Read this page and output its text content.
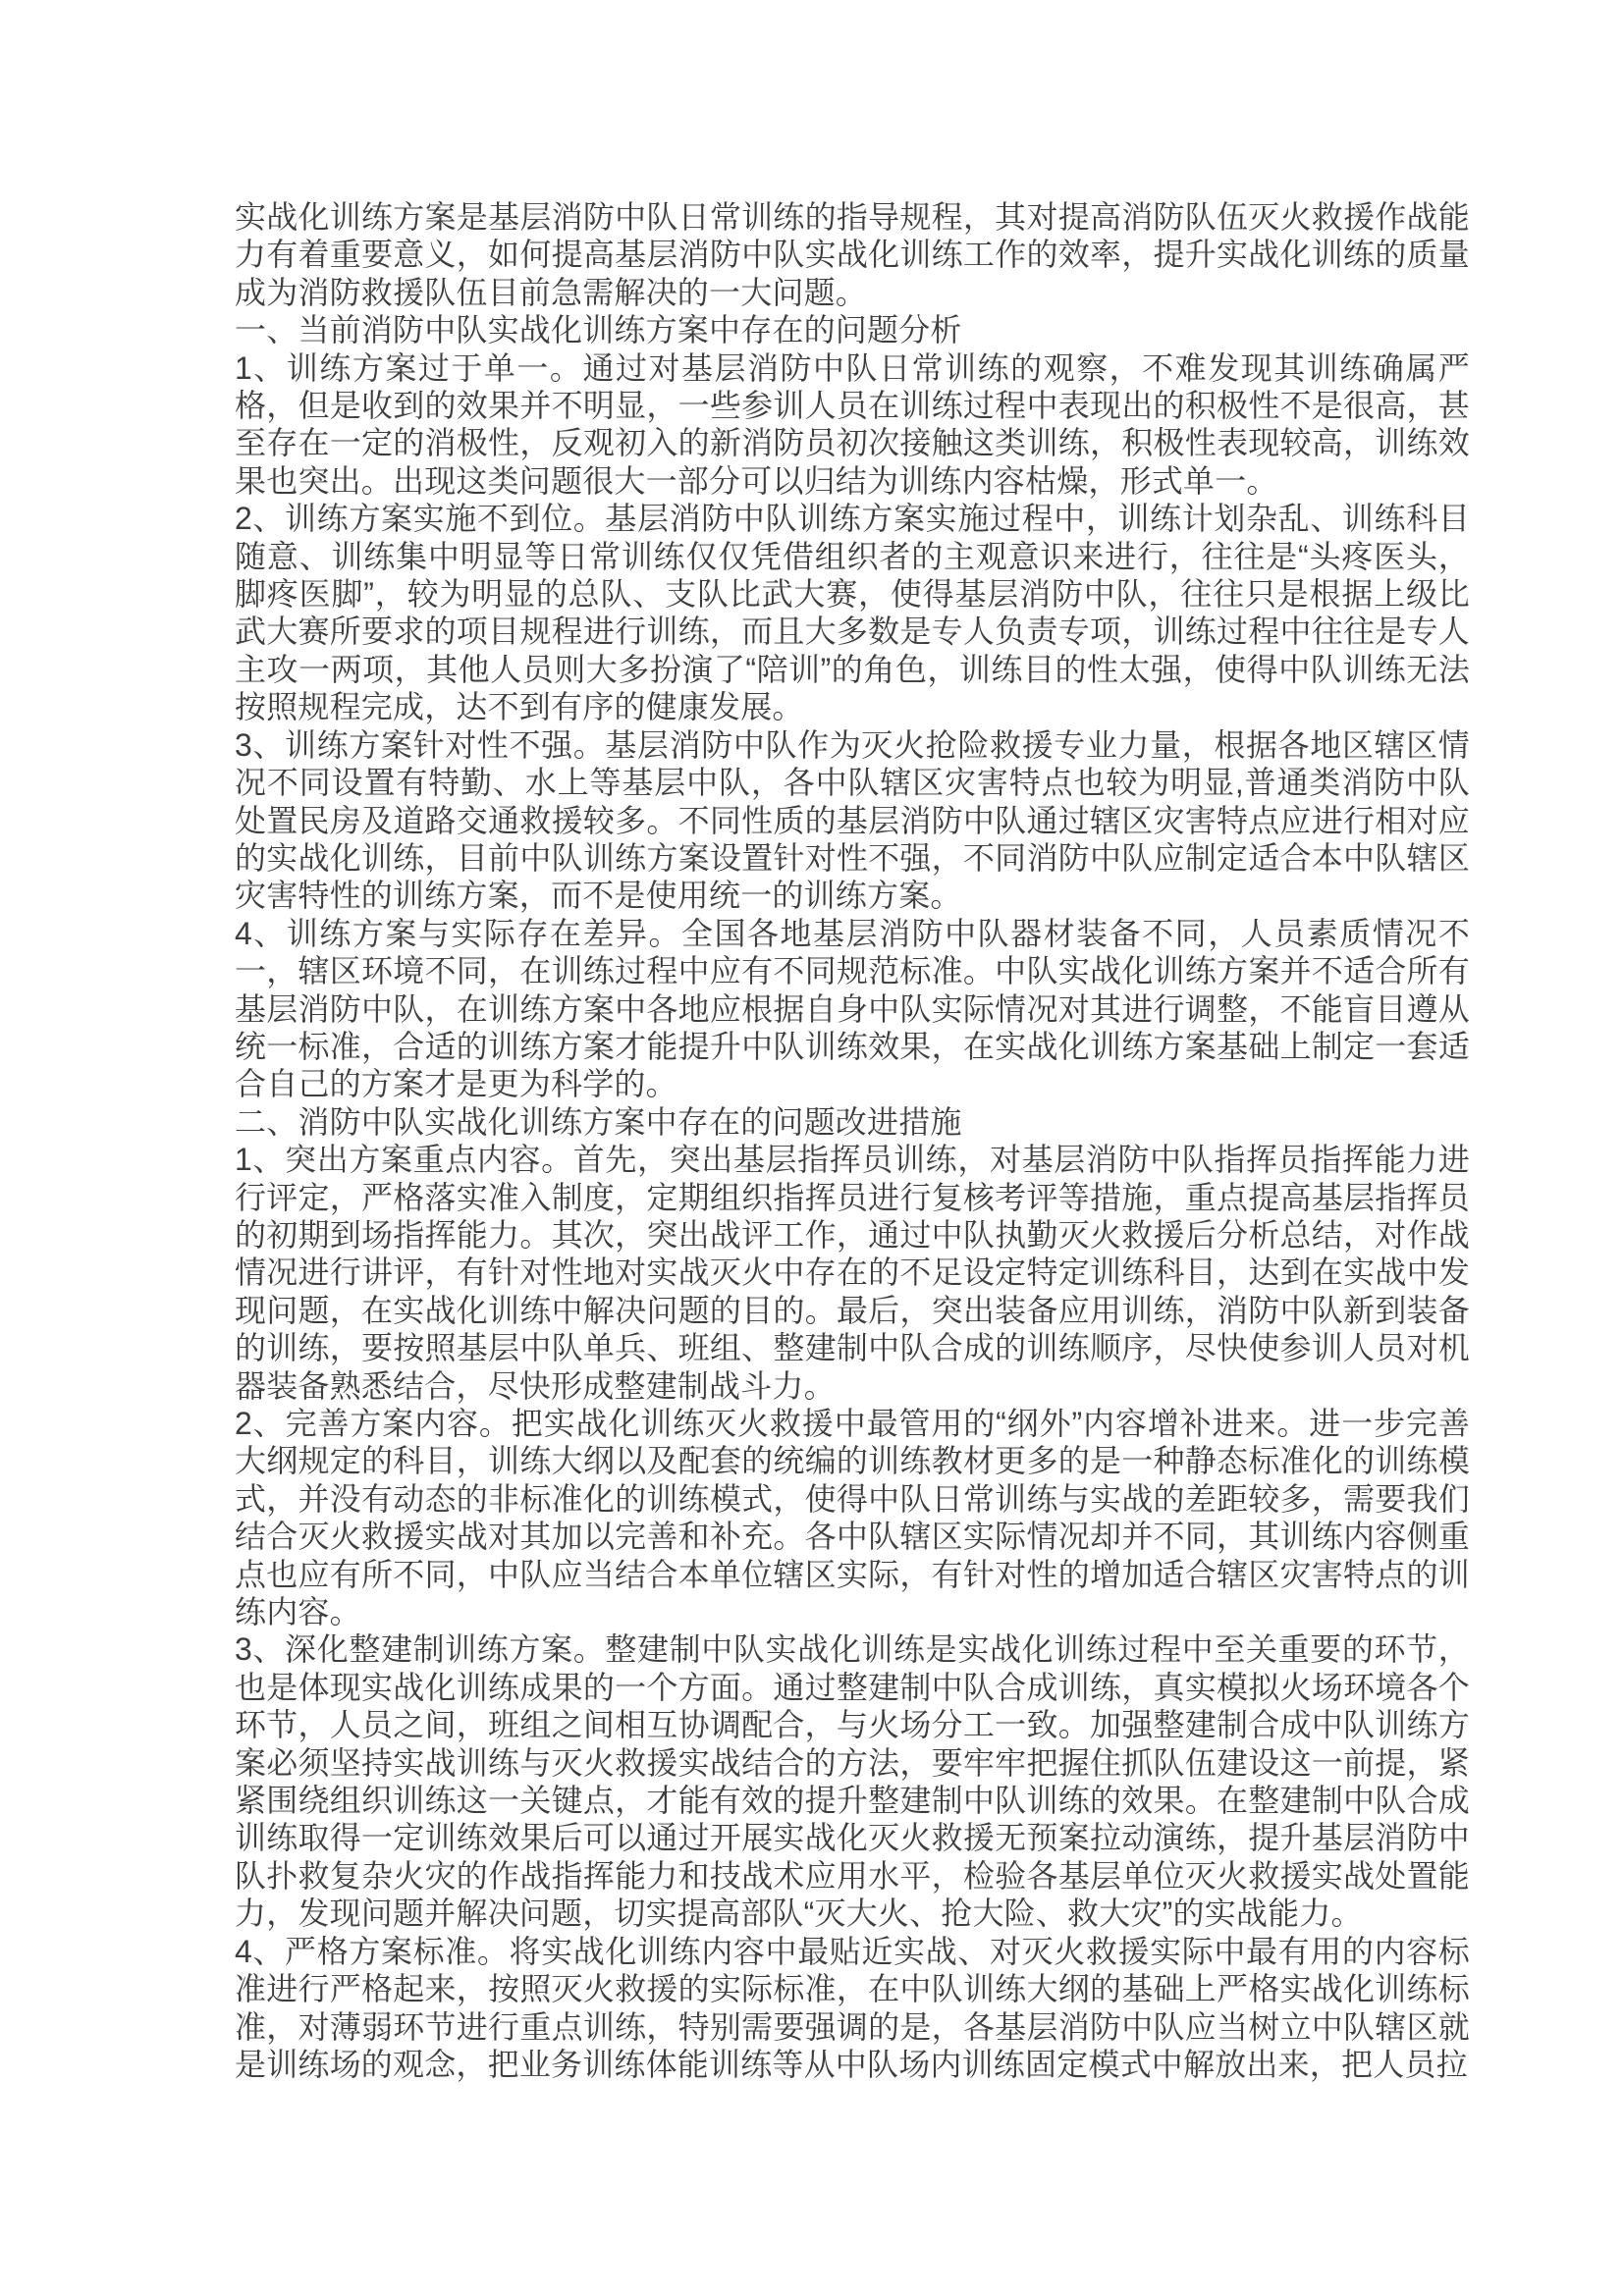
实战化训练方案是基层消防中队日常训练的指导规程，其对提高消防队伍灭火救援作战能力有着重要意义，如何提高基层消防中队实战化训练工作的效率，提升实战化训练的质量成为消防救援队伍目前急需解决的一大问题。

一、当前消防中队实战化训练方案中存在的问题分析

1、训练方案过于单一。通过对基层消防中队日常训练的观察，不难发现其训练确属严格，但是收到的效果并不明显，一些参训人员在训练过程中表现出的积极性不是很高，甚至存在一定的消极性，反观初入的新消防员初次接触这类训练，积极性表现较高，训练效果也突出。出现这类问题很大一部分可以归结为训练内容枯燥，形式单一。

2、训练方案实施不到位。基层消防中队训练方案实施过程中，训练计划杂乱、训练科目随意、训练集中明显等日常训练仅仅凭借组织者的主观意识来进行，往往是“头疼医头，脚疼医脚”，较为明显的总队、支队比武大赛，使得基层消防中队，往往只是根据上级比武大赛所要求的项目规程进行训练，而且大多数是专人负责专项，训练过程中往往是专人主攻一两项，其他人员则大多扮演了“陪训”的角色，训练目的性太强，使得中队训练无法按照规程完成，达不到有序的健康发展。

3、训练方案针对性不强。基层消防中队作为灭火抢险救援专业力量，根据各地区辖区情况不同设置有特勤、水上等基层中队，各中队辖区灾害特点也较为明显,普通类消防中队处置民房及道路交通救援较多。不同性质的基层消防中队通过辖区灾害特点应进行相对应的实战化训练，目前中队训练方案设置针对性不强，不同消防中队应制定适合本中队辖区灾害特性的训练方案，而不是使用统一的训练方案。

4、训练方案与实际存在差异。全国各地基层消防中队器材装备不同，人员素质情况不一，辖区环境不同，在训练过程中应有不同规范标准。中队实战化训练方案并不适合所有基层消防中队，在训练方案中各地应根据自身中队实际情况对其进行调整，不能盲目遵从统一标准，合适的训练方案才能提升中队训练效果，在实战化训练方案基础上制定一套适合自己的方案才是更为科学的。

二、消防中队实战化训练方案中存在的问题改进措施

1、突出方案重点内容。首先，突出基层指挥员训练，对基层消防中队指挥员指挥能力进行评定，严格落实准入制度，定期组织指挥员进行复核考评等措施，重点提高基层指挥员的初期到场指挥能力。其次，突出战评工作，通过中队执勤灭火救援后分析总结，对作战情况进行讲评，有针对性地对实战灭火中存在的不足设定特定训练科目，达到在实战中发现问题，在实战化训练中解决问题的目的。最后，突出装备应用训练，消防中队新到装备的训练，要按照基层中队单兵、班组、整建制中队合成的训练顺序，尽快使参训人员对机器装备熟悉结合，尽快形成整建制战斗力。

2、完善方案内容。把实战化训练灭火救援中最管用的“纲外”内容增补进来。进一步完善大纲规定的科目，训练大纲以及配套的统编的训练教材更多的是一种静态标准化的训练模式，并没有动态的非标准化的训练模式，使得中队日常训练与实战的差距较多，需要我们结合灭火救援实战对其加以完善和补充。各中队辖区实际情况却并不同，其训练内容侧重点也应有所不同，中队应当结合本单位辖区实际，有针对性的增加适合辖区灾害特点的训练内容。

3、深化整建制训练方案。整建制中队实战化训练是实战化训练过程中至关重要的环节，也是体现实战化训练成果的一个方面。通过整建制中队合成训练，真实模拟火场环境各个环节，人员之间，班组之间相互协调配合，与火场分工一致。加强整建制合成中队训练方案必须坚持实战训练与灭火救援实战结合的方法，要牢牢把握住抓队伍建设这一前提，紧紧围绕组织训练这一关键点，才能有效的提升整建制中队训练的效果。在整建制中队合成训练取得一定训练效果后可以通过开展实战化灭火救援无预案拉动演练，提升基层消防中队扑救复杂火灾的作战指挥能力和技战术应用水平，检验各基层单位灭火救援实战处置能力，发现问题并解决问题，切实提高部队“灭大火、抢大险、救大灾”的实战能力。

4、严格方案标准。将实战化训练内容中最贴近实战、对灭火救援实际中最有用的内容标准进行严格起来，按照灭火救援的实际标准，在中队训练大纲的基础上严格实战化训练标准，对薄弱环节进行重点训练，特别需要强调的是，各基层消防中队应当树立中队辖区就是训练场的观念，把业务训练体能训练等从中队场内训练固定模式中解放出来，把人员拉
